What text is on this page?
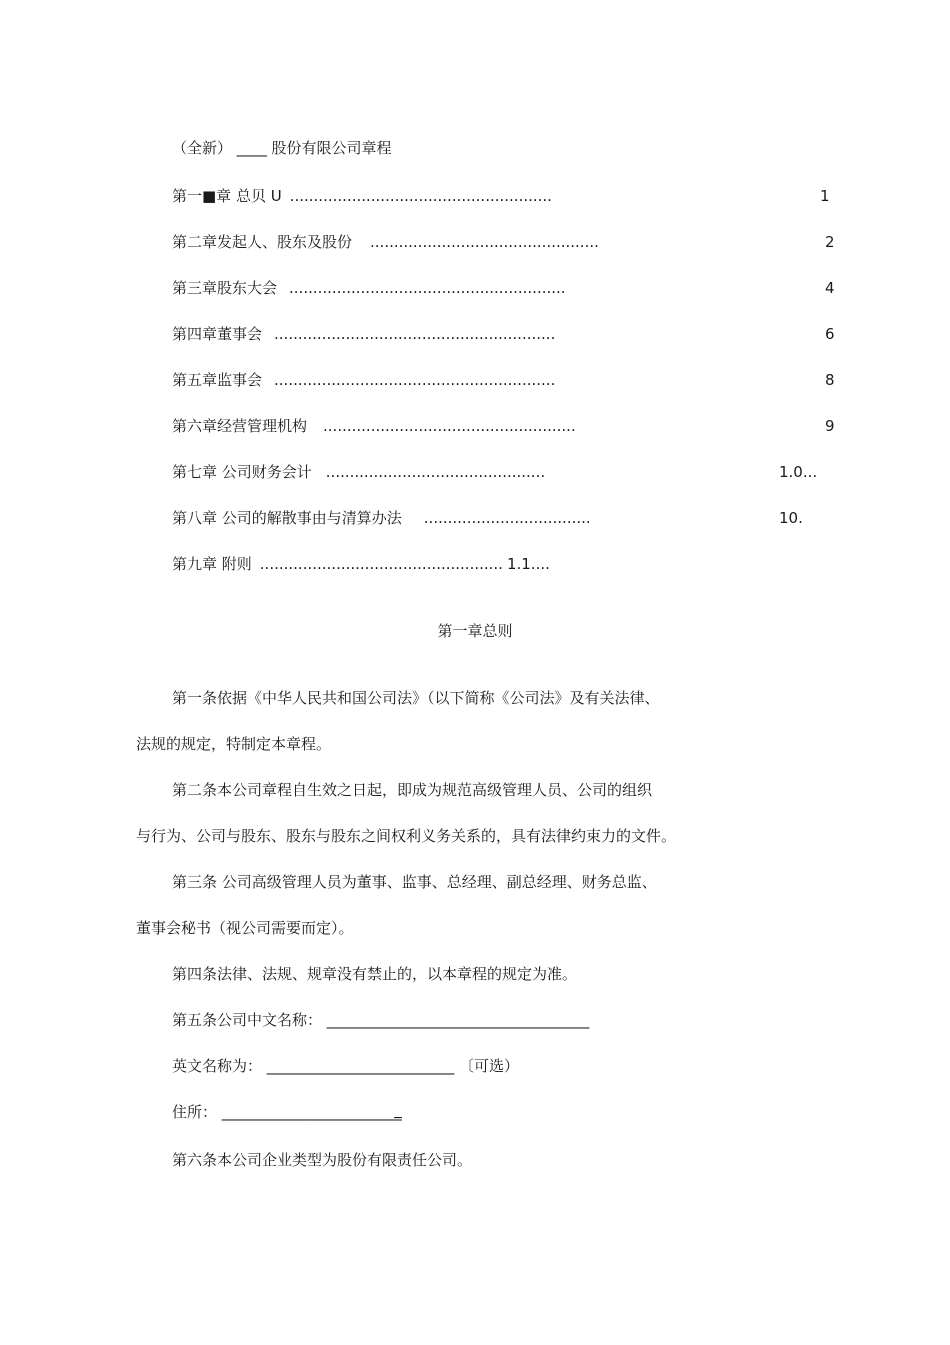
（全新） ____ 股份有限公司章程
第一■章 总贝 U .......................................................	1
第二章发起人、股东及股份 ................................................	2
第三章股东大会 ..........................................................	4
第四章董事会 ...........................................................	6
第五章监事会 ...........................................................	8
第六章经营管理机构 .....................................................	9
第七章 公司财务会计 ..............................................	1.0...
第八章 公司的解散事由与清算办法 ...................................	10.
第九章 附则 ................................................... 1.1....
第一章总则
第一条依据《中华人民共和国公司法》（以下简称《公司法》及有关法律、
法规的规定，特制定本章程。
第二条本公司章程自生效之日起，即成为规范高级管理人员、公司的组织
与行为、公司与股东、股东与股东之间权利义务关系的，具有法律约束力的文件。
第三条 公司高级管理人员为董事、监事、总经理、副总经理、财务总监、
董事会秘书（视公司需要而定）。
第四条法律、法规、规章没有禁止的，以本章程的规定为准。
第五条公司中文名称： ___________________________________
英文名称为： _________________________ 〔可选）
住所： _______________________‗
第六条本公司企业类型为股份有限责任公司。
